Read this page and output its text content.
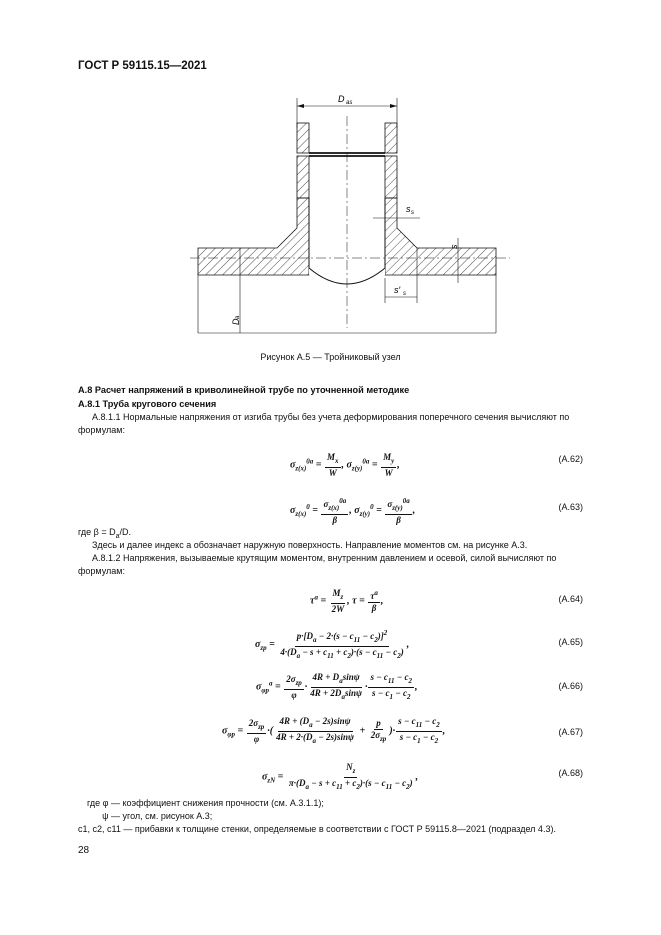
ГОСТ Р 59115.15—2021
D as
s s
s
s′ s
D
a
Рисунок А.5 — Тройниковый узел
А.8 Расчет напряжений в криволинейной трубе по уточненной методике
А.8.1 Труба кругового сечения
А.8.1.1 Нормальные напряжения от изгиба трубы без учета деформирования поперечного сечения вычисляют по формулам:
$\sigma_{z(x)}^{0a} = \frac{M_x}{W}$ , $\sigma_{z(y)}^{0a} = \frac{M_y}{W}$ ,
(А.62)
$\sigma_{z(x)}^0 = \frac{\sigma_{z(x)}^{0a}}{\beta}$ , $\sigma_{z(y)}^0 = \frac{\sigma_{z(y)}^{0a}}{\beta}$ ,	(А.63)
где $\beta = D_a/D$.
Здесь и далее индекс a обозначает наружную поверхность. Направление моментов см. на рисунке А.3.
А.8.1.2 Напряжения, вызываемые крутящим моментом, внутренним давлением и осевой, силой вычисляют по формулам:
$\tau^a = \frac{M_z}{2W}$ , $\tau = \frac{\tau^a}{\beta}$ ,	(А.64)
$\sigma_{zp} = \frac{p\cdot[D_a - 2\cdot(s - c_{11} - c_2)]^2}{4\cdot(D_a - s + c_{11} + c_2)\cdot(s - c_{11} - c_2)}$ ,	(А.65)
$\sigma_{\varphi p}^a = \frac{2\sigma_{zp}}{\varphi} \cdot \frac{4R + D_a\sin\psi}{4R + 2D_a\sin\psi} \cdot \frac{s - c_{11} - c_2}{s - c_1 - c_2}$ ,	(А.66)
$\sigma_{\varphi p} = \frac{2\sigma_{zp}}{\varphi}$ ·( $\frac{4R + (D_a - 2s)\sin\psi}{4R + 2\cdot(D_a - 2s)\sin\psi} + \frac{p}{2\sigma_{zp}}$ )· $\frac{s - c_{11} - c_2}{s - c_1 - c_2}$ ,	(А.67)
$\sigma_{zN} = \frac{N_z}{\pi\cdot(D_a - s + c_{11} + c_2)\cdot(s - c_{11} - c_2)}$ ,	(А.68)
где φ — коэффициент снижения прочности (см. А.3.1.1);
ψ — угол, см. рисунок А.3;
c1, c2, c11 — прибавки к толщине стенки, определяемые в соответствии с ГОСТ Р 59115.8—2021 (подраздел 4.3).
28
